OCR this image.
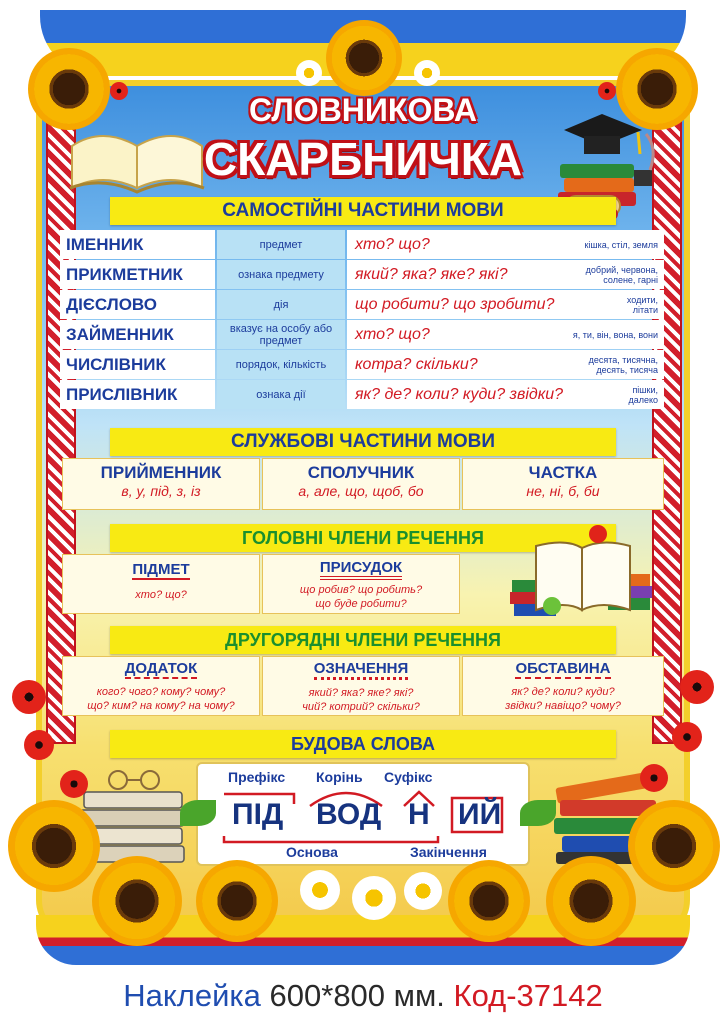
СЛОВНИКОВА
СКАРБНИЧКА
САМОСТІЙНІ ЧАСТИНИ МОВИ
ІМЕННИК	предмет	хто? що?	кішка, стіл, земля
ПРИКМЕТНИК	ознака предмету	який? яка? яке? які?	добрий, червона, солене, гарні
ДІЄСЛОВО	дія	що робити? що зробити?	ходити, літати
ЗАЙМЕННИК	вказує на особу або предмет	хто? що?	я, ти, він, вона, вони
ЧИСЛІВНИК	порядок, кількість	котра? скільки?	десята, тисячна, десять, тисяча
ПРИСЛІВНИК	ознака дії	як? де? коли? куди? звідки?	пішки, далеко
СЛУЖБОВІ ЧАСТИНИ МОВИ
ПРИЙМЕННИК
в, у, під, з, із
СПОЛУЧНИК
а, але, що, щоб, бо
ЧАСТКА
не, ні, б, би
ГОЛОВНІ ЧЛЕНИ РЕЧЕННЯ
ПІДМЕТ
хто? що?
ПРИСУДОК
що робив? що робить?
що буде робити?
ДРУГОРЯДНІ ЧЛЕНИ РЕЧЕННЯ
ДОДАТОК
кого? чого? кому? чому?
що? ким? на кому? на чому?
ОЗНАЧЕННЯ
який? яка? яке? які?
чий? котрий? скільки?
ОБСТАВИНА
як? де? коли? куди?
звідки? навіщо? чому?
БУДОВА СЛОВА
Префікс Корінь Суфікс
ПІД ВОД Н ИЙ
Основа	Закінчення
Наклейка 600*800 мм. Код-37142
